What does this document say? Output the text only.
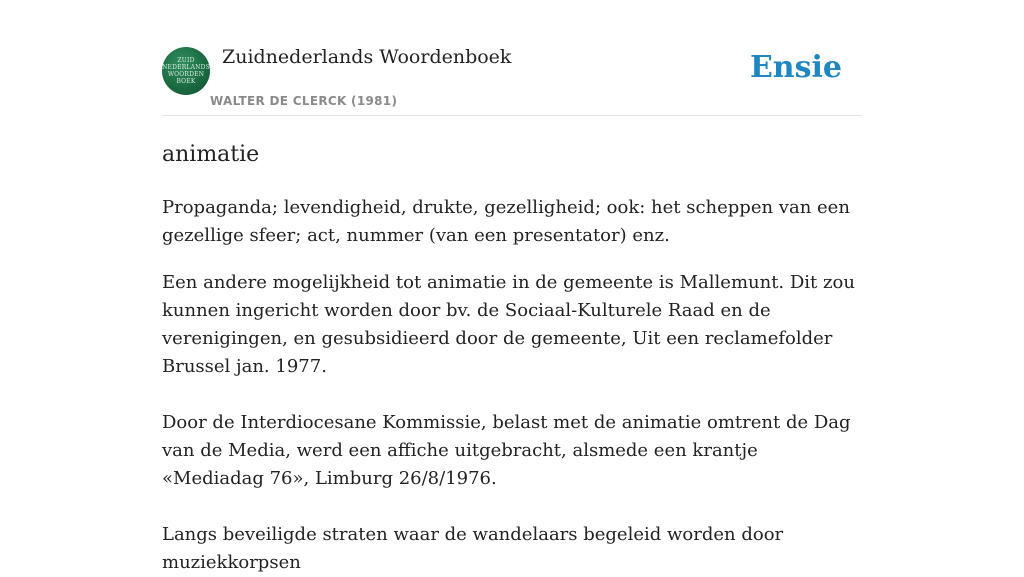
ZUID
NEDERLANDS
WOORDEN
BOEK
Zuidnederlands Woordenboek
WALTER DE CLERCK (1981)
Ensie
animatie

Propaganda; levendigheid, drukte, gezelligheid; ook: het scheppen van een gezellige sfeer; act, nummer (van een presentator) enz.

Een andere mogelijkheid tot animatie in de gemeente is Mallemunt. Dit zou kunnen ingericht worden door bv. de Sociaal-Kulturele Raad en de verenigingen, en gesubsidieerd door de gemeente, Uit een reclamefolder Brussel jan. 1977.

Door de Interdiocesane Kommissie, belast met de animatie omtrent de Dag van de Media, werd een affiche uitgebracht, alsmede een krantje «Mediadag 76», Limburg 26/8/1976.

Langs beveiligde straten waar de wandelaars begeleid worden door muziekkorpsen
